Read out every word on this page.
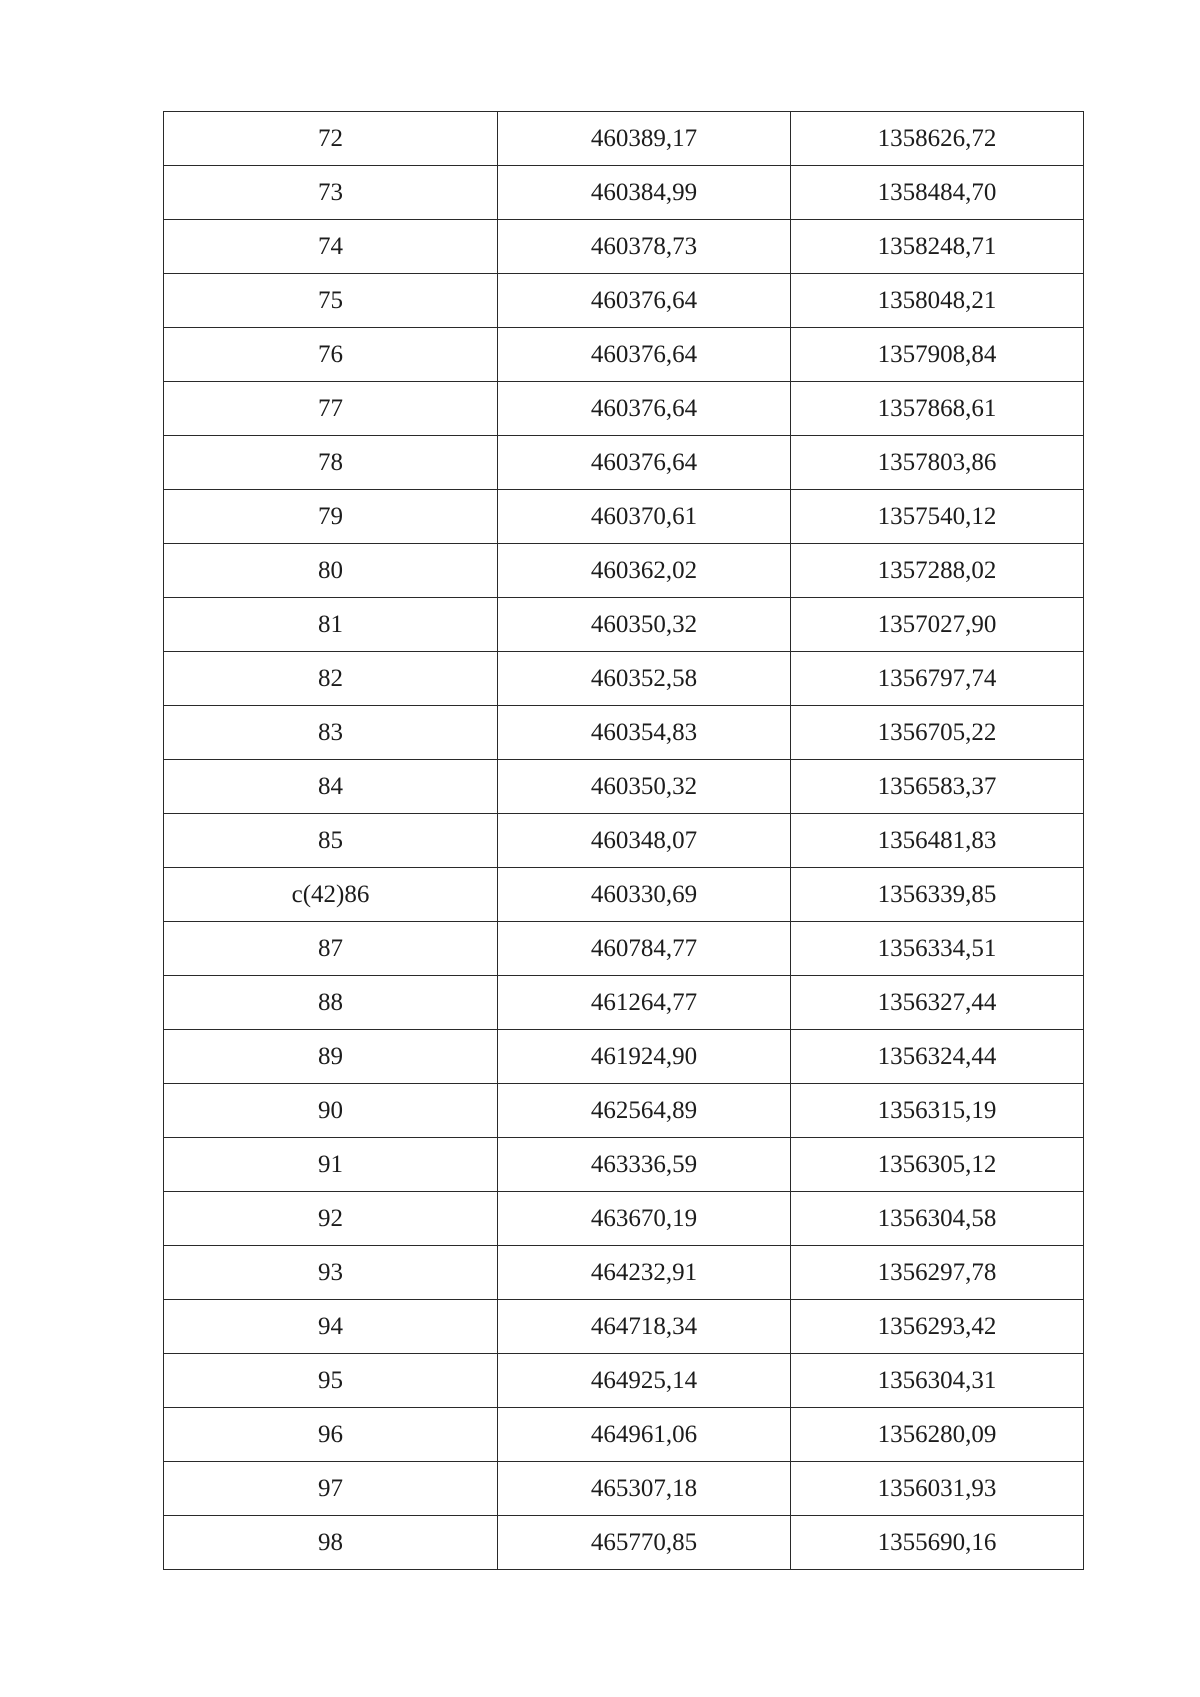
72	460389,17	1358626,72
73	460384,99	1358484,70
74	460378,73	1358248,71
75	460376,64	1358048,21
76	460376,64	1357908,84
77	460376,64	1357868,61
78	460376,64	1357803,86
79	460370,61	1357540,12
80	460362,02	1357288,02
81	460350,32	1357027,90
82	460352,58	1356797,74
83	460354,83	1356705,22
84	460350,32	1356583,37
85	460348,07	1356481,83
c(42)86	460330,69	1356339,85
87	460784,77	1356334,51
88	461264,77	1356327,44
89	461924,90	1356324,44
90	462564,89	1356315,19
91	463336,59	1356305,12
92	463670,19	1356304,58
93	464232,91	1356297,78
94	464718,34	1356293,42
95	464925,14	1356304,31
96	464961,06	1356280,09
97	465307,18	1356031,93
98	465770,85	1355690,16
